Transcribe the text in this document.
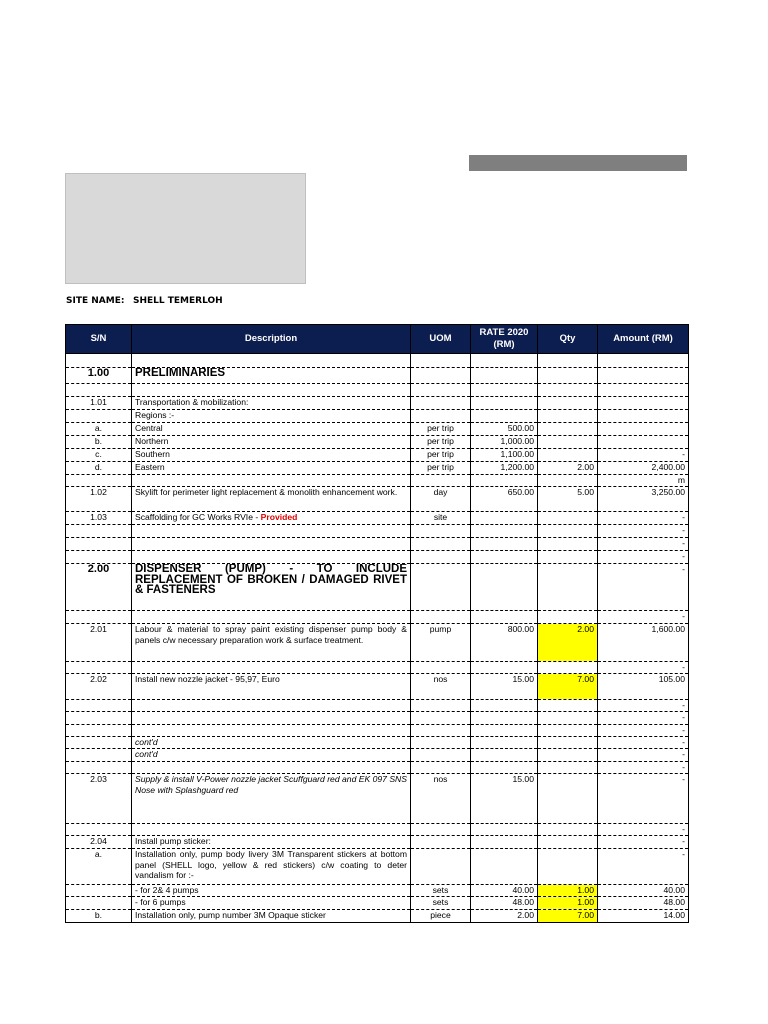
SITE NAME: SHELL TEMERLOH
S/N	Description	UOM	RATE 2020 (RM)	Qty	Amount (RM)

1.00	PRELIMINARIES				

1.01	Transportation & mobilization:				
	Regions :-				
a.	Central	per trip	500.00		
b.	Northern	per trip	1,000.00		
c.	Southern	per trip	1,100.00		-
d.	Eastern	per trip	1,200.00	2.00	2,400.00
					m
1.02	Skylift for perimeter light replacement & monolith enhancement work.	day	650.00	5.00	3,250.00
1.03	Scaffolding for GC Works RVIe - Provided	site			-
					-
					-
					-
2.00	DISPENSER (PUMP) - TO INCLUDE REPLACEMENT OF BROKEN / DAMAGED RIVET & FASTENERS				-
					-
2.01	Labour & material to spray paint existing dispenser pump body & panels c/w necessary preparation work & surface treatment.	pump	800.00	2.00	1,600.00
					-
2.02	Install new nozzle jacket - 95,97, Euro	nos	15.00	7.00	105.00
					-
					-
					-
	cont'd				-
	cont'd				-
					-
2.03	Supply & install V-Power nozzle jacket Scuffguard red and EK 097 SNS Nose with Splashguard red	nos	15.00		-
					-
2.04	Install pump sticker:				-
a.	Installation only, pump body livery 3M Transparent stickers at bottom panel (SHELL logo, yellow & red stickers) c/w coating to deter vandalism for :-				-
	- for 2& 4 pumps	sets	40.00	1.00	40.00
	- for 6 pumps	sets	48.00	1.00	48.00
b.	Installation only, pump number 3M Opaque sticker	piece	2.00	7.00	14.00
